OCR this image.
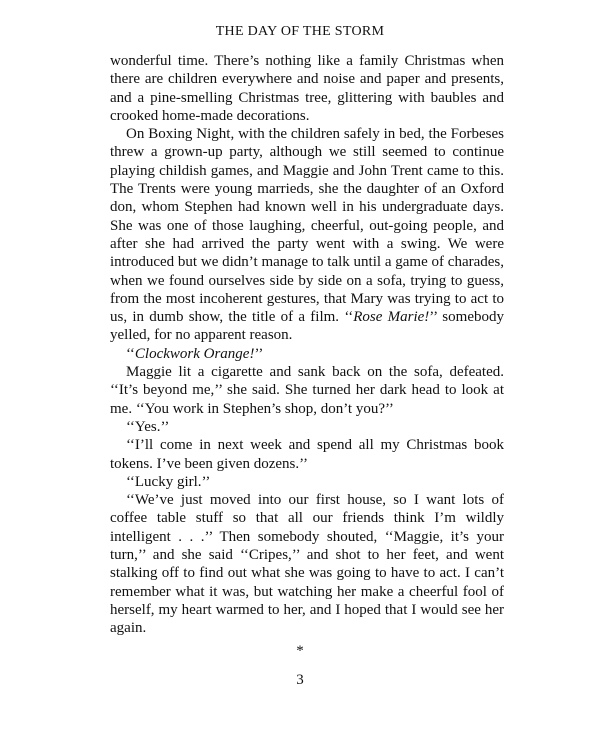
THE DAY OF THE STORM

wonderful time. There’s nothing like a family Christmas when there are children everywhere and noise and paper and presents, and a pine-smelling Christmas tree, glittering with baubles and crooked home-made decorations.

On Boxing Night, with the children safely in bed, the Forbeses threw a grown-up party, although we still seemed to continue playing childish games, and Maggie and John Trent came to this. The Trents were young marrieds, she the daughter of an Oxford don, whom Stephen had known well in his undergraduate days. She was one of those laughing, cheerful, out-going people, and after she had arrived the party went with a swing. We were introduced but we didn’t manage to talk until a game of charades, when we found ourselves side by side on a sofa, trying to guess, from the most incoherent gestures, that Mary was trying to act to us, in dumb show, the title of a film. ‘‘Rose Marie!’’ somebody yelled, for no apparent reason.

‘‘Clockwork Orange!’’

Maggie lit a cigarette and sank back on the sofa, defeated. ‘‘It’s beyond me,’’ she said. She turned her dark head to look at me. ‘‘You work in Stephen’s shop, don’t you?’’

‘‘Yes.’’

‘‘I’ll come in next week and spend all my Christmas book tokens. I’ve been given dozens.’’

‘‘Lucky girl.’’

‘‘We’ve just moved into our first house, so I want lots of coffee table stuff so that all our friends think I’m wildly intelligent . . .’’ Then somebody shouted, ‘‘Maggie, it’s your turn,’’ and she said ‘‘Cripes,’’ and shot to her feet, and went stalking off to find out what she was going to have to act. I can’t remember what it was, but watching her make a cheerful fool of herself, my heart warmed to her, and I hoped that I would see her again.

*
3
